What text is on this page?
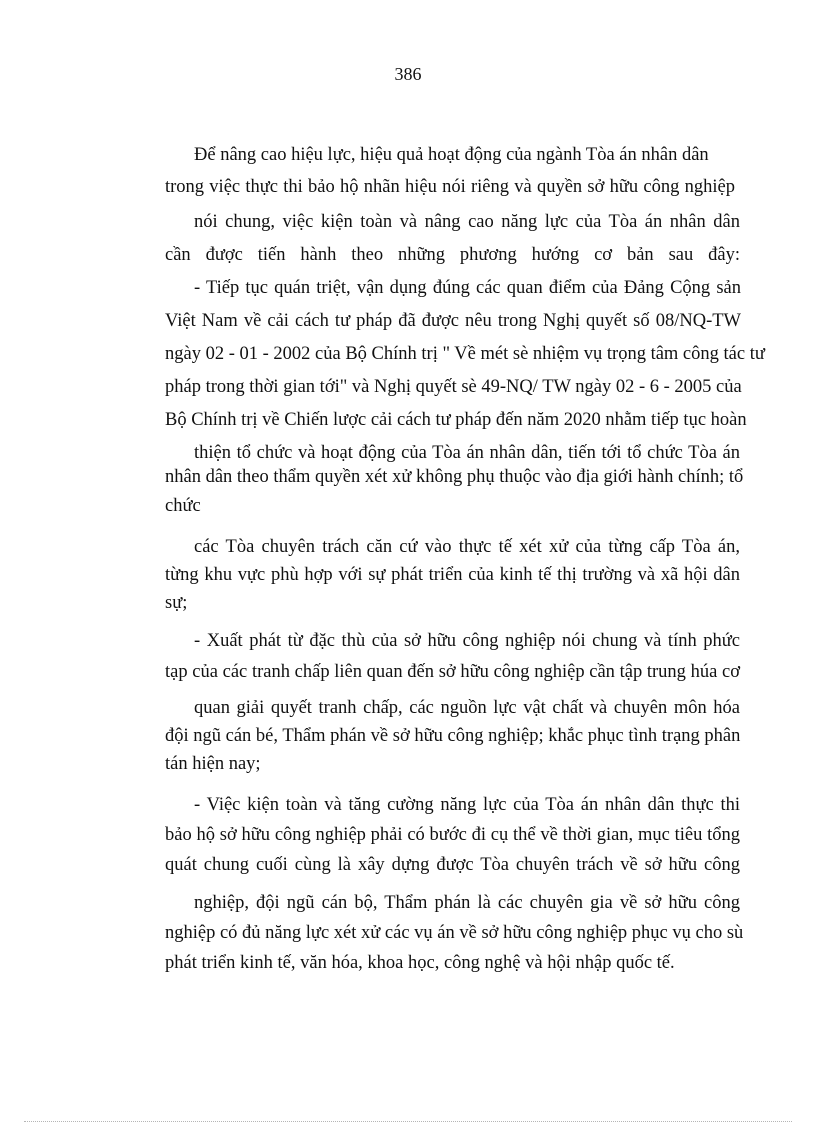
386
Để nâng cao hiệu lực, hiệu quả hoạt động của ngành Tòa án nhân dân
trong việc thực thi bảo hộ nhãn hiệu nói riêng và quyền sở hữu công nghiệp
nói chung, việc kiện toàn và nâng cao năng lực của Tòa án nhân dân
cần được tiến hành theo những phương hướng cơ bản sau đây:
- Tiếp tục quán triệt, vận dụng đúng các quan điểm của Đảng Cộng sản
Việt Nam về cải cách tư pháp đã được nêu trong Nghị quyết số 08/NQ-TW
ngày 02 - 01 - 2002 của Bộ Chính trị " Về mét sè nhiệm vụ trọng tâm công tác tư
pháp trong thời gian tới" và Nghị quyết sè 49-NQ/ TW ngày 02 - 6 - 2005 của
Bộ Chính trị về Chiến lược cải cách tư pháp đến năm 2020 nhằm tiếp tục hoàn
thiện tổ chức và hoạt động của Tòa án nhân dân, tiến tới tổ chức Tòa án
nhân dân theo thẩm quyền xét xử không phụ thuộc vào địa giới hành chính; tổ
chức
các Tòa chuyên trách căn cứ vào thực tế xét xử của từng cấp Tòa án,
từng khu vực phù hợp với sự phát triển của kinh tế thị trường và xã hội dân
sự;
- Xuất phát từ đặc thù của sở hữu công nghiệp nói chung và tính phức
tạp của các tranh chấp liên quan đến sở hữu công nghiệp cần tập trung húa cơ
quan giải quyết tranh chấp, các nguồn lực vật chất và chuyên môn hóa
đội ngũ cán bé, Thẩm phán về sở hữu công nghiệp; khắc phục tình trạng phân
tán hiện nay;
- Việc kiện toàn và tăng cường năng lực của Tòa án nhân dân thực thi
bảo hộ sở hữu công nghiệp phải có bước đi cụ thể về thời gian, mục tiêu tổng
quát chung cuối cùng là xây dựng được Tòa chuyên trách về sở hữu công
nghiệp, đội ngũ cán bộ, Thẩm phán là các chuyên gia về sở hữu công
nghiệp có đủ năng lực xét xử các vụ án về sở hữu công nghiệp phục vụ cho sù
phát triển kinh tế, văn hóa, khoa học, công nghệ và hội nhập quốc tế.
